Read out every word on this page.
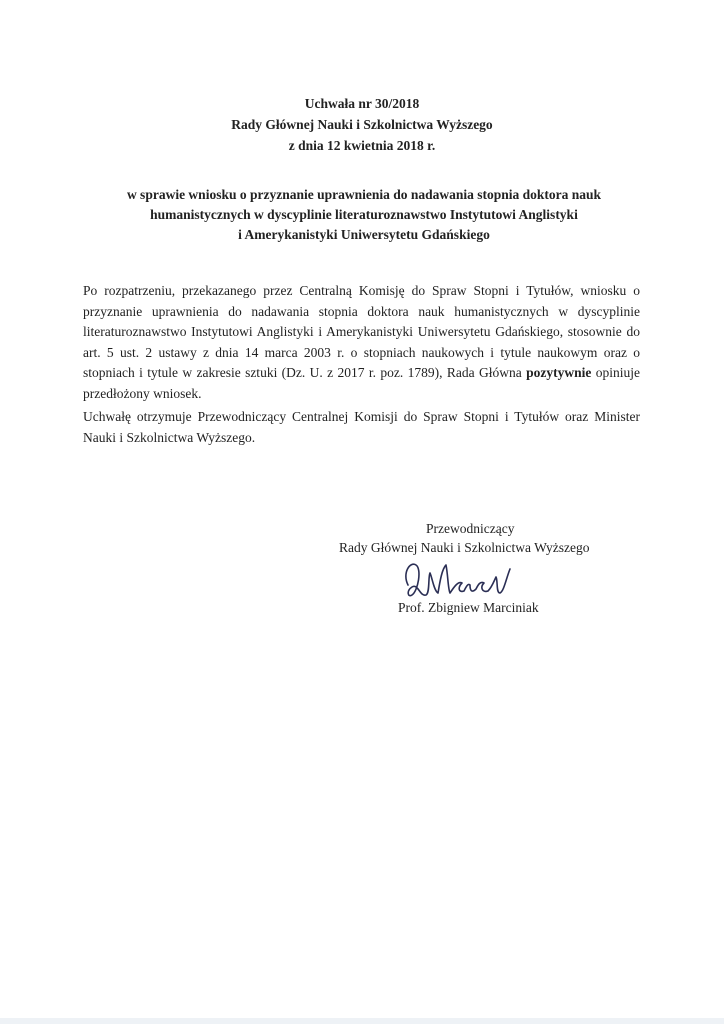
Uchwała nr 30/2018
Rady Głównej Nauki i Szkolnictwa Wyższego
z dnia 12 kwietnia 2018 r.
w sprawie wniosku o przyznanie uprawnienia do nadawania stopnia doktora nauk
humanistycznych w dyscyplinie literaturoznawstwo Instytutowi Anglistyki
i Amerykanistyki Uniwersytetu Gdańskiego

Po rozpatrzeniu, przekazanego przez Centralną Komisję do Spraw Stopni i Tytułów, wniosku o przyznanie uprawnienia do nadawania stopnia doktora nauk humanistycznych w dyscyplinie literaturoznawstwo Instytutowi Anglistyki i Amerykanistyki Uniwersytetu Gdańskiego, stosownie do art. 5 ust. 2 ustawy z dnia 14 marca 2003 r. o stopniach naukowych i tytule naukowym oraz o stopniach i tytule w zakresie sztuki (Dz. U. z 2017 r. poz. 1789), Rada Główna pozytywnie opiniuje przedłożony wniosek.

Uchwałę otrzymuje Przewodniczący Centralnej Komisji do Spraw Stopni i Tytułów oraz Minister Nauki i Szkolnictwa Wyższego.

Przewodniczący
Rady Głównej Nauki i Szkolnictwa Wyższego
Prof. Zbigniew Marciniak
